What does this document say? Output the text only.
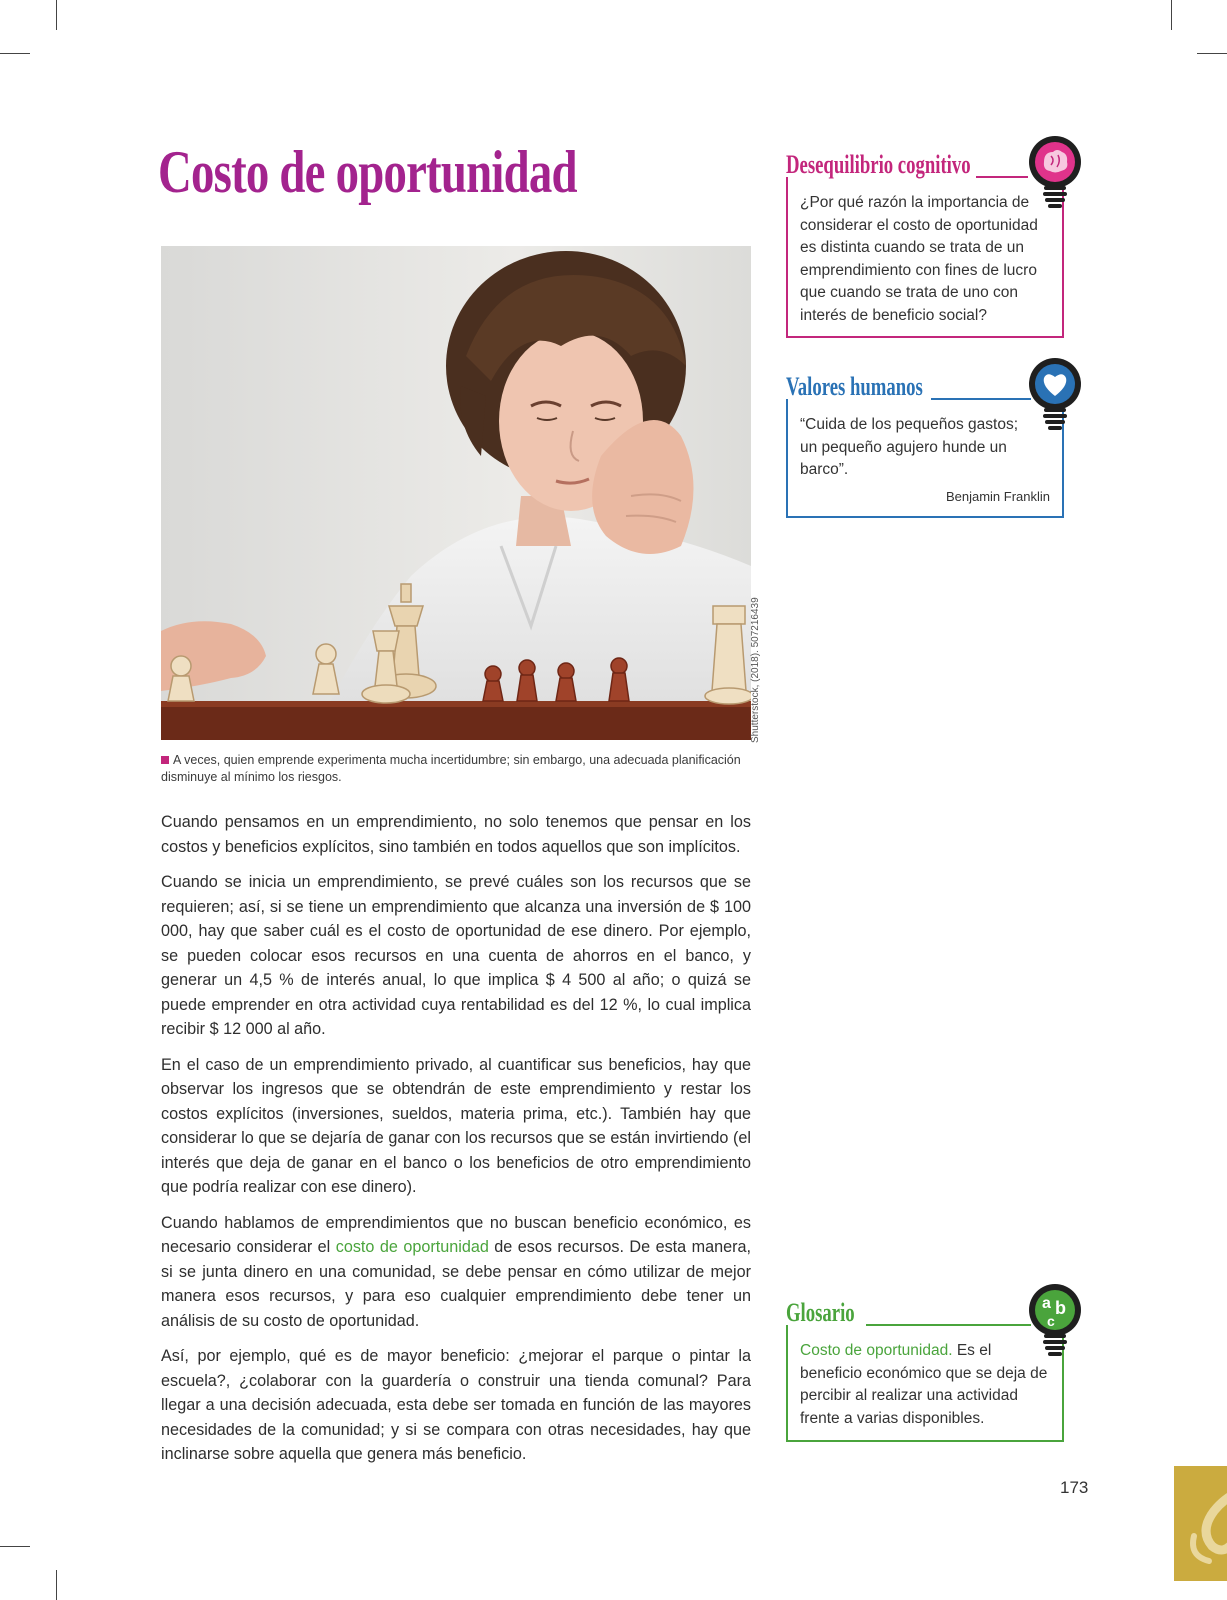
Costo de oportunidad
Shutterstock, (2018). 507216439
A veces, quien emprende experimenta mucha incertidumbre; sin embargo, una adecuada planificación disminuye al mínimo los riesgos.

Cuando pensamos en un emprendimiento, no solo tenemos que pensar en los costos y beneficios explícitos, sino también en todos aquellos que son implícitos.

Cuando se inicia un emprendimiento, se prevé cuáles son los recursos que se requieren; así, si se tiene un emprendimiento que alcanza una inversión de $ 100 000, hay que saber cuál es el costo de oportunidad de ese dinero. Por ejemplo, se pueden colocar esos recursos en una cuenta de ahorros en el banco, y generar un 4,5 % de interés anual, lo que implica $ 4 500 al año; o quizá se puede emprender en otra actividad cuya rentabilidad es del 12 %, lo cual implica recibir $ 12 000 al año.

En el caso de un emprendimiento privado, al cuantificar sus beneficios, hay que observar los ingresos que se obtendrán de este emprendimiento y restar los costos explícitos (inversiones, sueldos, materia prima, etc.). También hay que considerar lo que se dejaría de ganar con los recursos que se están invirtiendo (el interés que deja de ganar en el banco o los beneficios de otro emprendimiento que podría realizar con ese dinero).

Cuando hablamos de emprendimientos que no buscan beneficio económico, es necesario considerar el costo de oportunidad de esos recursos. De esta manera, si se junta dinero en una comunidad, se debe pensar en cómo utilizar de mejor manera esos recursos, y para eso cualquier emprendimiento debe tener un análisis de su costo de oportunidad.

Así, por ejemplo, qué es de mayor beneficio: ¿mejorar el parque o pintar la escuela?, ¿colaborar con la guardería o construir una tienda comunal? Para llegar a una decisión adecuada, esta debe ser tomada en función de las mayores necesidades de la comunidad; y si se compara con otras necesidades, hay que inclinarse sobre aquella que genera más beneficio.

Desequilibrio cognitivo
¿Por qué razón la importancia de considerar el costo de oportunidad es distinta cuando se trata de un emprendimiento con fines de lucro que cuando se trata de uno con interés de beneficio social?
Valores humanos
“Cuida de los pequeños gastos; un pequeño agujero hunde un barco”.
Benjamin Franklin
Glosario
Costo de oportunidad. Es el beneficio económico que se deja de percibir al realizar una actividad frente a varias disponibles.
a b
c
173
